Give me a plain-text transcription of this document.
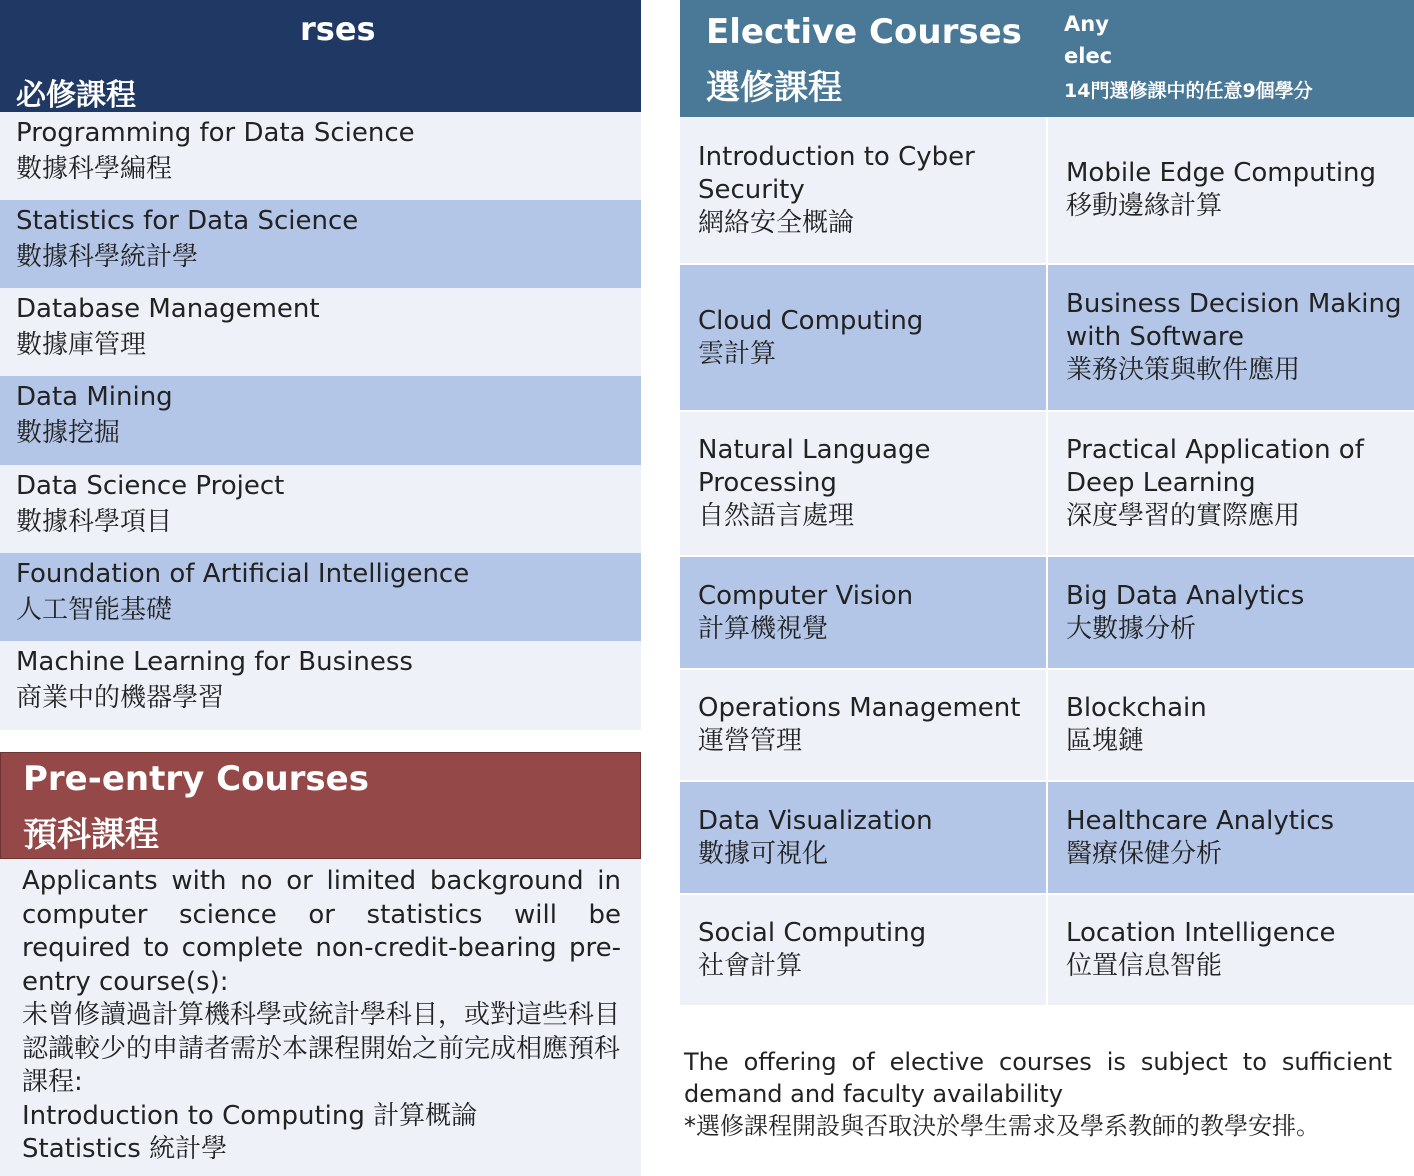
rses
必修課程
Programming for Data Science
數據科學編程
Statistics for Data Science
數據科學統計學
Database Management
數據庫管理
Data Mining
數據挖掘
Data Science Project
數據科學項目
Foundation of Artificial Intelligence
人工智能基礎
Machine Learning for Business
商業中的機器學習
Pre-entry Courses
預科課程

Applicants with no or limited background in computer science or statistics will be required to complete non-credit-bearing pre-entry course(s):

未曾修讀過計算機科學或統計學科目，或對這些科目認識較少的申請者需於本課程開始之前完成相應預科課程:

Introduction to Computing 計算概論

Statistics 統計學

Elective Courses
選修課程
Any
elec
14門選修課中的任意9個學分
Introduction to Cyber Security
網絡安全概論
Mobile Edge Computing
移動邊緣計算
Cloud Computing
雲計算
Business Decision Making with Software
業務決策與軟件應用
Natural Language Processing
自然語言處理
Practical Application of Deep Learning
深度學習的實際應用
Computer Vision
計算機視覺
Big Data Analytics
大數據分析
Operations Management
運營管理
Blockchain
區塊鏈
Data Visualization
數據可視化
Healthcare Analytics
醫療保健分析
Social Computing
社會計算
Location Intelligence
位置信息智能

The offering of elective courses is subject to sufficient demand and faculty availability

*選修課程開設與否取決於學生需求及學系教師的教學安排。
